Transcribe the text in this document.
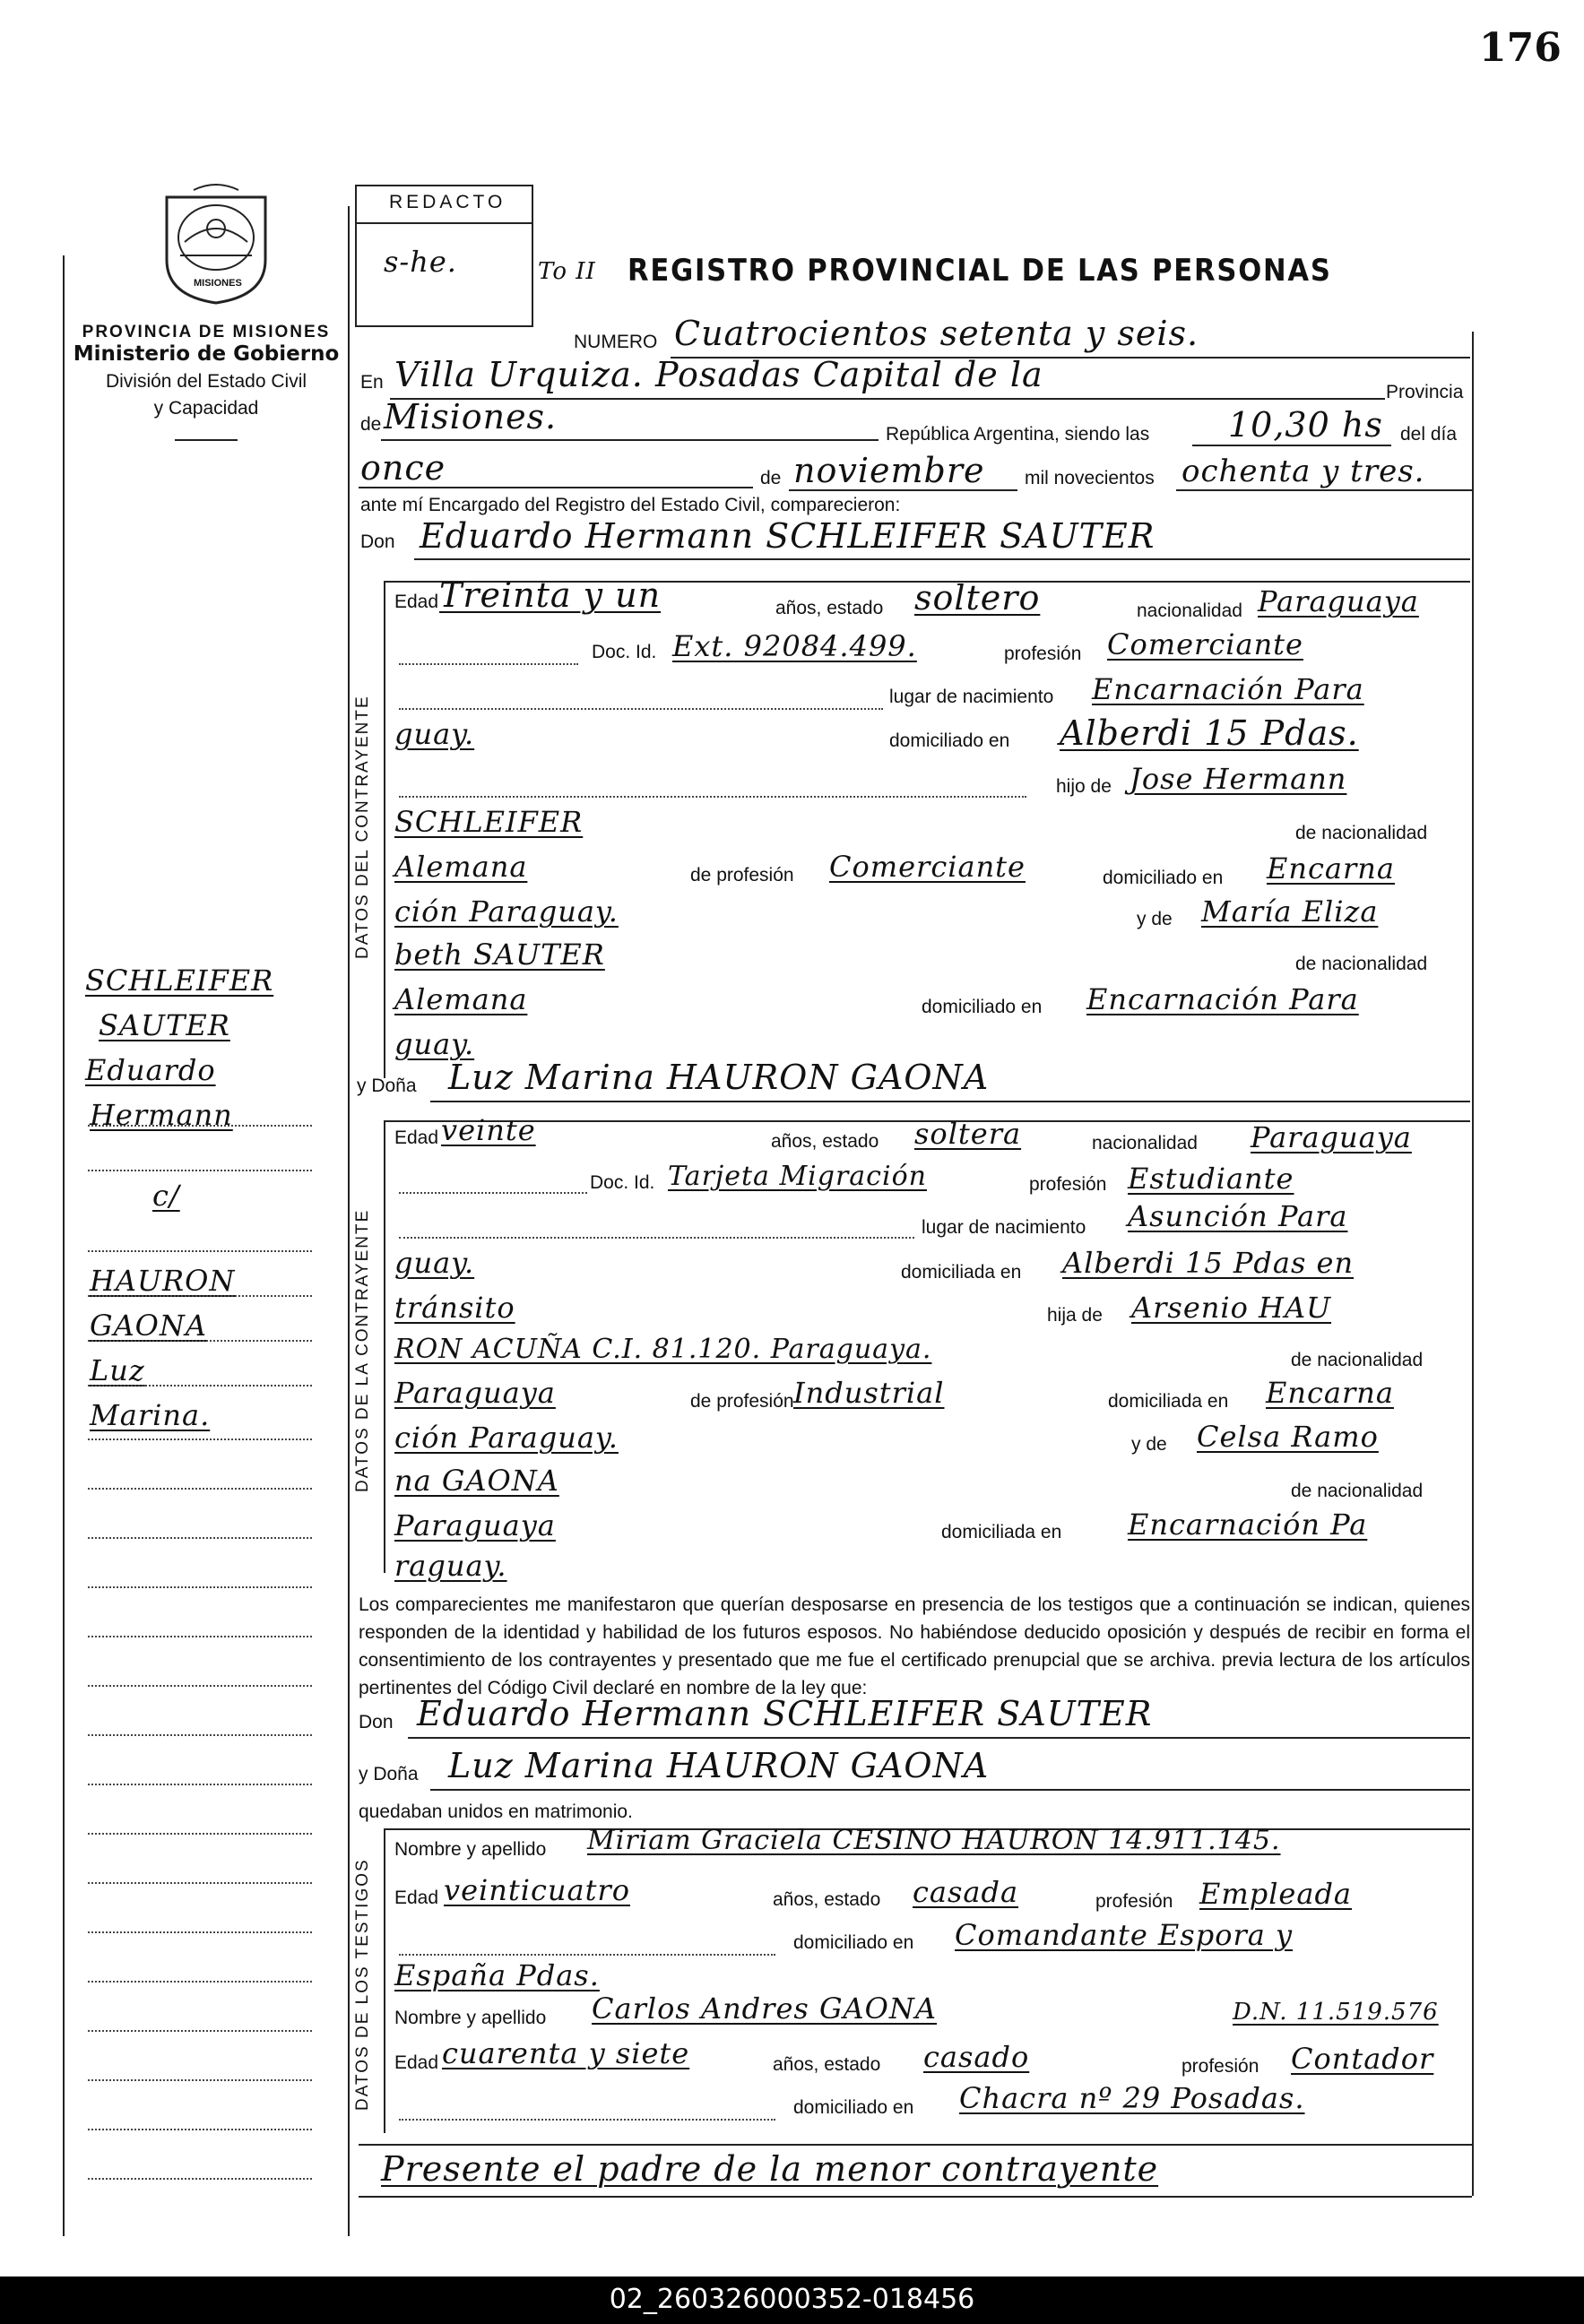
176
MISIONES
PROVINCIA DE MISIONES
Ministerio de Gobierno
División del Estado Civil
y Capacidad
SCHLEIFER
SAUTER
Eduardo
Hermann
c/
HAURON
GAONA
Luz
Marina.
REDACTO
s-he.	To II REGISTRO PROVINCIAL DE LAS PERSONAS
NUMERO Cuatrocientos setenta y seis.
En Villa Urquiza. Posadas Capital de la	Provincia
de Misiones.	República Argentina, siendo las 10,30 hs del día
once	de noviembre mil novecientos ochenta y tres.
ante mí Encargado del Registro del Estado Civil, comparecieron:
Don Eduardo Hermann SCHLEIFER SAUTER
DATOS DEL CONTRAYENTE
Edad Treinta y un	años, estado soltero	nacionalidad Paraguaya
Doc. Id. Ext. 92084.499.	profesión Comerciante
lugar de nacimiento Encarnación Para
guay.	domiciliado en Alberdi 15 Pdas.
hijo de Jose Hermann
SCHLEIFER	de nacionalidad
Alemana	de profesión Comerciante	domiciliado en Encarna
ción Paraguay.	y de María Eliza
beth SAUTER	de nacionalidad
Alemana	domiciliado en Encarnación Para
guay.
y Doña Luz Marina HAURON GAONA
DATOS DE LA CONTRAYENTE
Edad veinte	años, estado soltera	nacionalidad Paraguaya
Doc. Id. Tarjeta Migración	profesión Estudiante
lugar de nacimiento Asunción Para
guay.	domiciliada en Alberdi 15 Pdas en
tránsito	hija de Arsenio HAU
RON ACUÑA C.I. 81.120. Paraguaya.	de nacionalidad
Paraguaya	de profesión Industrial	domiciliada en Encarna
ción Paraguay.	y de Celsa Ramo
na GAONA	de nacionalidad
Paraguaya	domiciliada en Encarnación Pa
raguay.
Los comparecientes me manifestaron que querían desposarse en presencia de los testigos que a continuación se indican, quienes responden de la identidad y habilidad de los futuros esposos. No habiéndose deducido oposición y después de recibir en forma el consentimiento de los contrayentes y presentado que me fue el certificado prenupcial que se archiva. previa lectura de los artículos pertinentes del Código Civil declaré en nombre de la ley que:
Don Eduardo Hermann SCHLEIFER SAUTER
y Doña Luz Marina HAURON GAONA
quedaban unidos en matrimonio.
DATOS DE LOS TESTIGOS
Nombre y apellido Miriam Graciela CESINO HAURON 14.911.145.
Edad veinticuatro	años, estado casada	profesión Empleada
domiciliado en Comandante Espora y
España Pdas.
Nombre y apellido Carlos Andres GAONA	D.N. 11.519.576
Edad cuarenta y siete	años, estado casado	profesión Contador
domiciliado en Chacra nº 29 Posadas.
Presente el padre de la menor contrayente
02_260326000352-018456
